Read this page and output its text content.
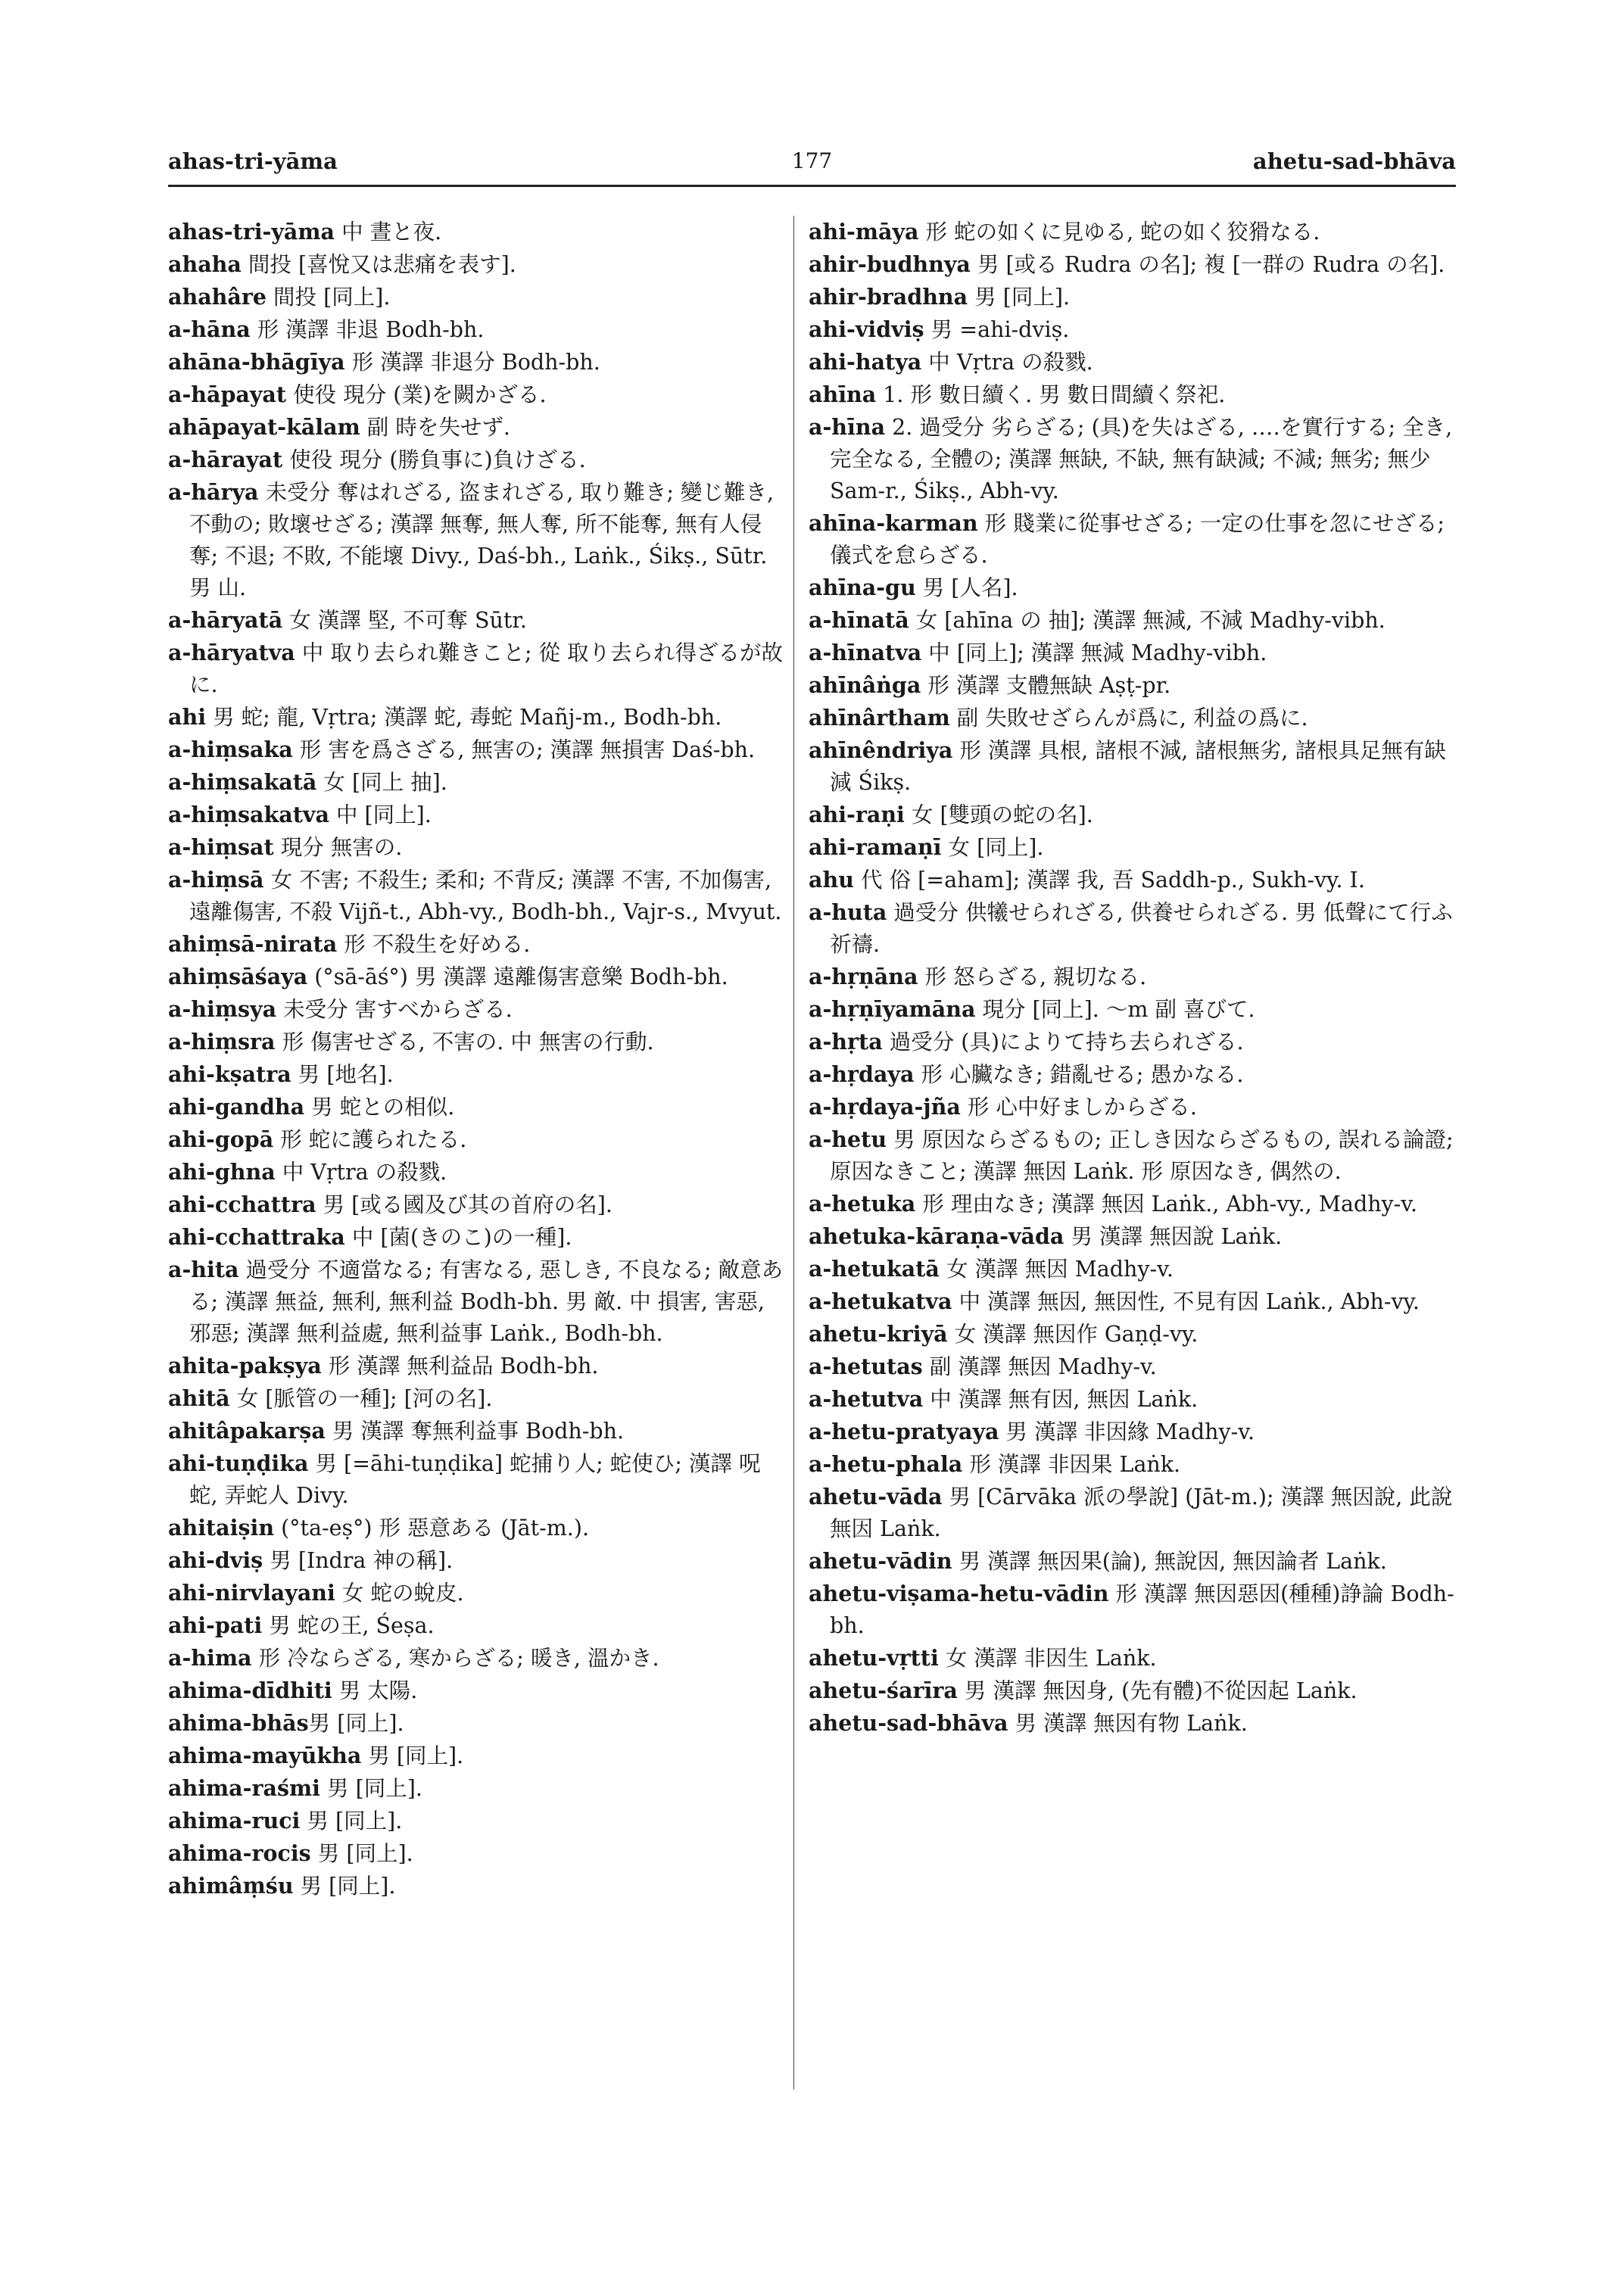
ahas-tri-yāma	177	ahetu-sad-bhāva
ahas-tri-yāma 中 晝と夜.
ahaha 間投 [喜悅又は悲痛を表す].
ahahâre 間投 [同上].
a-hāna 形 漢譯 非退 Bodh-bh.
ahāna-bhāgīya 形 漢譯 非退分 Bodh-bh.
a-hāpayat 使役 現分 (業)を闕かざる.
ahāpayat-kālam 副 時を失せず.
a-hārayat 使役 現分 (勝負事に)負けざる.
a-hārya 未受分 奪はれざる, 盗まれざる, 取り難き; 變じ難き, 不動の; 敗壞せざる; 漢譯 無奪, 無人奪, 所不能奪, 無有人侵奪; 不退; 不敗, 不能壞 Divy., Daś-bh., Laṅk., Śikṣ., Sūtr. 男 山.
a-hāryatā 女 漢譯 堅, 不可奪 Sūtr.
a-hāryatva 中 取り去られ難きこと; 從 取り去られ得ざるが故に.
ahi 男 蛇; 龍, Vṛtra; 漢譯 蛇, 毒蛇 Mañj-m., Bodh-bh.
a-hiṃsaka 形 害を爲さざる, 無害の; 漢譯 無損害 Daś-bh.
a-hiṃsakatā 女 [同上 抽].
a-hiṃsakatva 中 [同上].
a-hiṃsat 現分 無害の.
a-hiṃsā 女 不害; 不殺生; 柔和; 不背反; 漢譯 不害, 不加傷害, 遠離傷害, 不殺 Vijñ-t., Abh-vy., Bodh-bh., Vajr-s., Mvyut.
ahiṃsā-nirata 形 不殺生を好める.
ahiṃsāśaya (°sā-āś°) 男 漢譯 遠離傷害意樂 Bodh-bh.
a-hiṃsya 未受分 害すべからざる.
a-hiṃsra 形 傷害せざる, 不害の. 中 無害の行動.
ahi-kṣatra 男 [地名].
ahi-gandha 男 蛇との相似.
ahi-gopā 形 蛇に護られたる.
ahi-ghna 中 Vṛtra の殺戮.
ahi-cchattra 男 [或る國及び其の首府の名].
ahi-cchattraka 中 [菌(きのこ)の一種].
a-hita 過受分 不適當なる; 有害なる, 惡しき, 不良なる; 敵意ある; 漢譯 無益, 無利, 無利益 Bodh-bh. 男 敵. 中 損害, 害惡, 邪惡; 漢譯 無利益處, 無利益事 Laṅk., Bodh-bh.
ahita-pakṣya 形 漢譯 無利益品 Bodh-bh.
ahitā 女 [脈管の一種]; [河の名].
ahitâpakarṣa 男 漢譯 奪無利益事 Bodh-bh.
ahi-tuṇḍika 男 [=āhi-tuṇḍika] 蛇捕り人; 蛇使ひ; 漢譯 呪蛇, 弄蛇人 Divy.
ahitaiṣin (°ta-eṣ°) 形 惡意ある (Jāt-m.).
ahi-dviṣ 男 [Indra 神の稱].
ahi-nirvlayani 女 蛇の蛻皮.
ahi-pati 男 蛇の王, Śeṣa.
a-hima 形 冷ならざる, 寒からざる; 暖き, 溫かき.
ahima-dīdhiti 男 太陽.
ahima-bhās男 [同上].
ahima-mayūkha 男 [同上].
ahima-raśmi 男 [同上].
ahima-ruci 男 [同上].
ahima-rocis 男 [同上].
ahimâṃśu 男 [同上].
ahi-māya 形 蛇の如くに見ゆる, 蛇の如く狡猾なる.
ahir-budhnya 男 [或る Rudra の名]; 複 [一群の Rudra の名].
ahir-bradhna 男 [同上].
ahi-vidviṣ 男 =ahi-dviṣ.
ahi-hatya 中 Vṛtra の殺戮.
ahīna 1. 形 數日續く. 男 數日間續く祭祀.
a-hīna 2. 過受分 劣らざる; (具)を失はざる, ‥‥を實行する; 全き, 完全なる, 全體の; 漢譯 無缺, 不缺, 無有缺減; 不減; 無劣; 無少 Sam-r., Śikṣ., Abh-vy.
ahīna-karman 形 賤業に從事せざる; 一定の仕事を忽にせざる; 儀式を怠らざる.
ahīna-gu 男 [人名].
a-hīnatā 女 [ahīna の 抽]; 漢譯 無減, 不減 Madhy-vibh.
a-hīnatva 中 [同上]; 漢譯 無減 Madhy-vibh.
ahīnâṅga 形 漢譯 支體無缺 Aṣṭ-pr.
ahīnârtham 副 失敗せざらんが爲に, 利益の爲に.
ahīnêndriya 形 漢譯 具根, 諸根不減, 諸根無劣, 諸根具足無有缺減 Śikṣ.
ahi-raṇi 女 [雙頭の蛇の名].
ahi-ramaṇī 女 [同上].
ahu 代 俗 [=aham]; 漢譯 我, 吾 Saddh-p., Sukh-vy. I.
a-huta 過受分 供犧せられざる, 供養せられざる. 男 低聲にて行ふ祈禱.
a-hṛṇāna 形 怒らざる, 親切なる.
a-hṛṇīyamāna 現分 [同上]. 〜m 副 喜びて.
a-hṛta 過受分 (具)によりて持ち去られざる.
a-hṛdaya 形 心臟なき; 錯亂せる; 愚かなる.
a-hṛdaya-jña 形 心中好ましからざる.
a-hetu 男 原因ならざるもの; 正しき因ならざるもの, 誤れる論證; 原因なきこと; 漢譯 無因 Laṅk. 形 原因なき, 偶然の.
a-hetuka 形 理由なき; 漢譯 無因 Laṅk., Abh-vy., Madhy-v.
ahetuka-kāraṇa-vāda 男 漢譯 無因說 Laṅk.
a-hetukatā 女 漢譯 無因 Madhy-v.
a-hetukatva 中 漢譯 無因, 無因性, 不見有因 Laṅk., Abh-vy.
ahetu-kriyā 女 漢譯 無因作 Gaṇḍ-vy.
a-hetutas 副 漢譯 無因 Madhy-v.
a-hetutva 中 漢譯 無有因, 無因 Laṅk.
a-hetu-pratyaya 男 漢譯 非因緣 Madhy-v.
a-hetu-phala 形 漢譯 非因果 Laṅk.
ahetu-vāda 男 [Cārvāka 派の學說] (Jāt-m.); 漢譯 無因說, 此說無因 Laṅk.
ahetu-vādin 男 漢譯 無因果(論), 無說因, 無因論者 Laṅk.
ahetu-viṣama-hetu-vādin 形 漢譯 無因惡因(種種)諍論 Bodh-bh.
ahetu-vṛtti 女 漢譯 非因生 Laṅk.
ahetu-śarīra 男 漢譯 無因身, (先有體)不從因起 Laṅk.
ahetu-sad-bhāva 男 漢譯 無因有物 Laṅk.
